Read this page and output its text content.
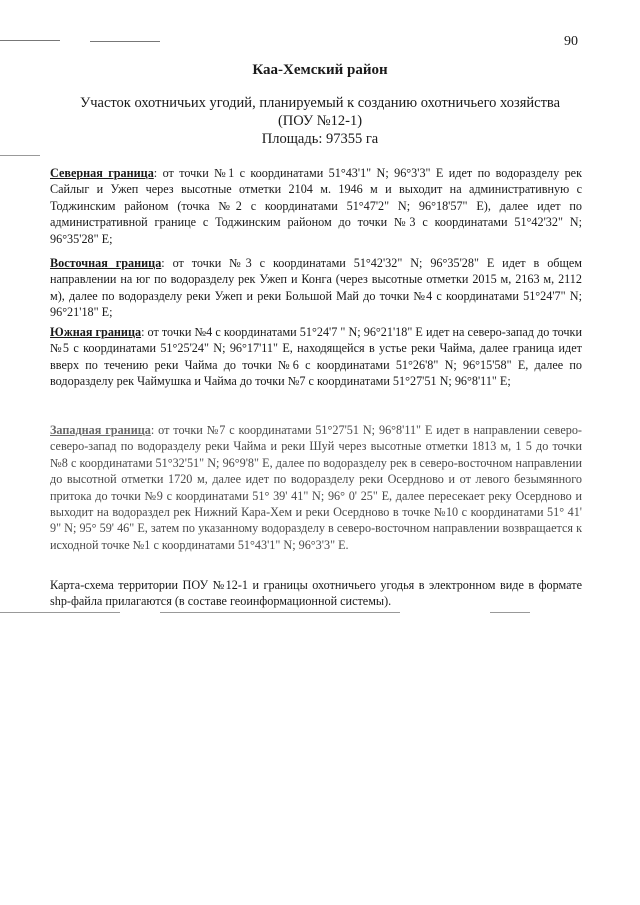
90
Каа-Хемский район
Участок охотничьих угодий, планируемый к созданию охотничьего хозяйства
(ПОУ №12-1)
Площадь: 97355 га
Северная граница: от точки №1 с координатами 51°43'1" N; 96°3'3" E идет по водоразделу рек Сайлыг и Ужеп через высотные отметки 2104 м. 1946 м и выходит на административную с Тоджинским районом (точка №2 с координатами 51°47'2" N; 96°18'57" E), далее идет по административной границе с Тоджинским районом до точки №3 с координатами 51°42'32" N; 96°35'28" E;
Восточная граница: от точки №3 с координатами 51°42'32" N; 96°35'28" E идет в общем направлении на юг по водоразделу рек Ужеп и Конга (через высотные отметки 2015 м, 2163 м, 2112 м), далее по водоразделу реки Ужеп и реки Большой Май до точки №4 с координатами 51°24'7" N; 96°21'18" E;
Южная граница: от точки №4 с координатами 51°24'7 " N; 96°21'18" E идет на северо-запад до точки №5 с координатами 51°25'24" N; 96°17'11" E, находящейся в устье реки Чайма, далее граница идет вверх по течению реки Чайма до точки №6 с координатами 51°26'8" N; 96°15'58" E, далее по водоразделу рек Чаймушка и Чайма до точки №7 с координатами 51°27'51 N; 96°8'11" E;
Западная граница: от точки №7 с координатами 51°27'51 N; 96°8'11" E идет в направлении северо-северо-запад по водоразделу реки Чайма и реки Шуй через высотные отметки 1813 м, 1 5 до точки №8 с координатами 51°32'51" N; 96°9'8" E, далее по водоразделу рек в северо-восточном направлении до высотной отметки 1720 м, далее идет по водоразделу реки Осердново и от левого безымянного притока до точки №9 с координатами 51° 39' 41" N; 96° 0' 25" E, далее пересекает реку Осердново и выходит на водораздел рек Нижний Кара-Хем и реки Осердново в точке №10 с координатами 51° 41' 9" N; 95° 59' 46" E, затем по указанному водоразделу в северо-восточном направлении возвращается к исходной точке №1 с координатами 51°43'1" N; 96°3'3" E.
Карта-схема территории ПОУ №12-1 и границы охотничьего угодья в электронном виде в формате shp-файла прилагаются (в составе геоинформационной системы).
